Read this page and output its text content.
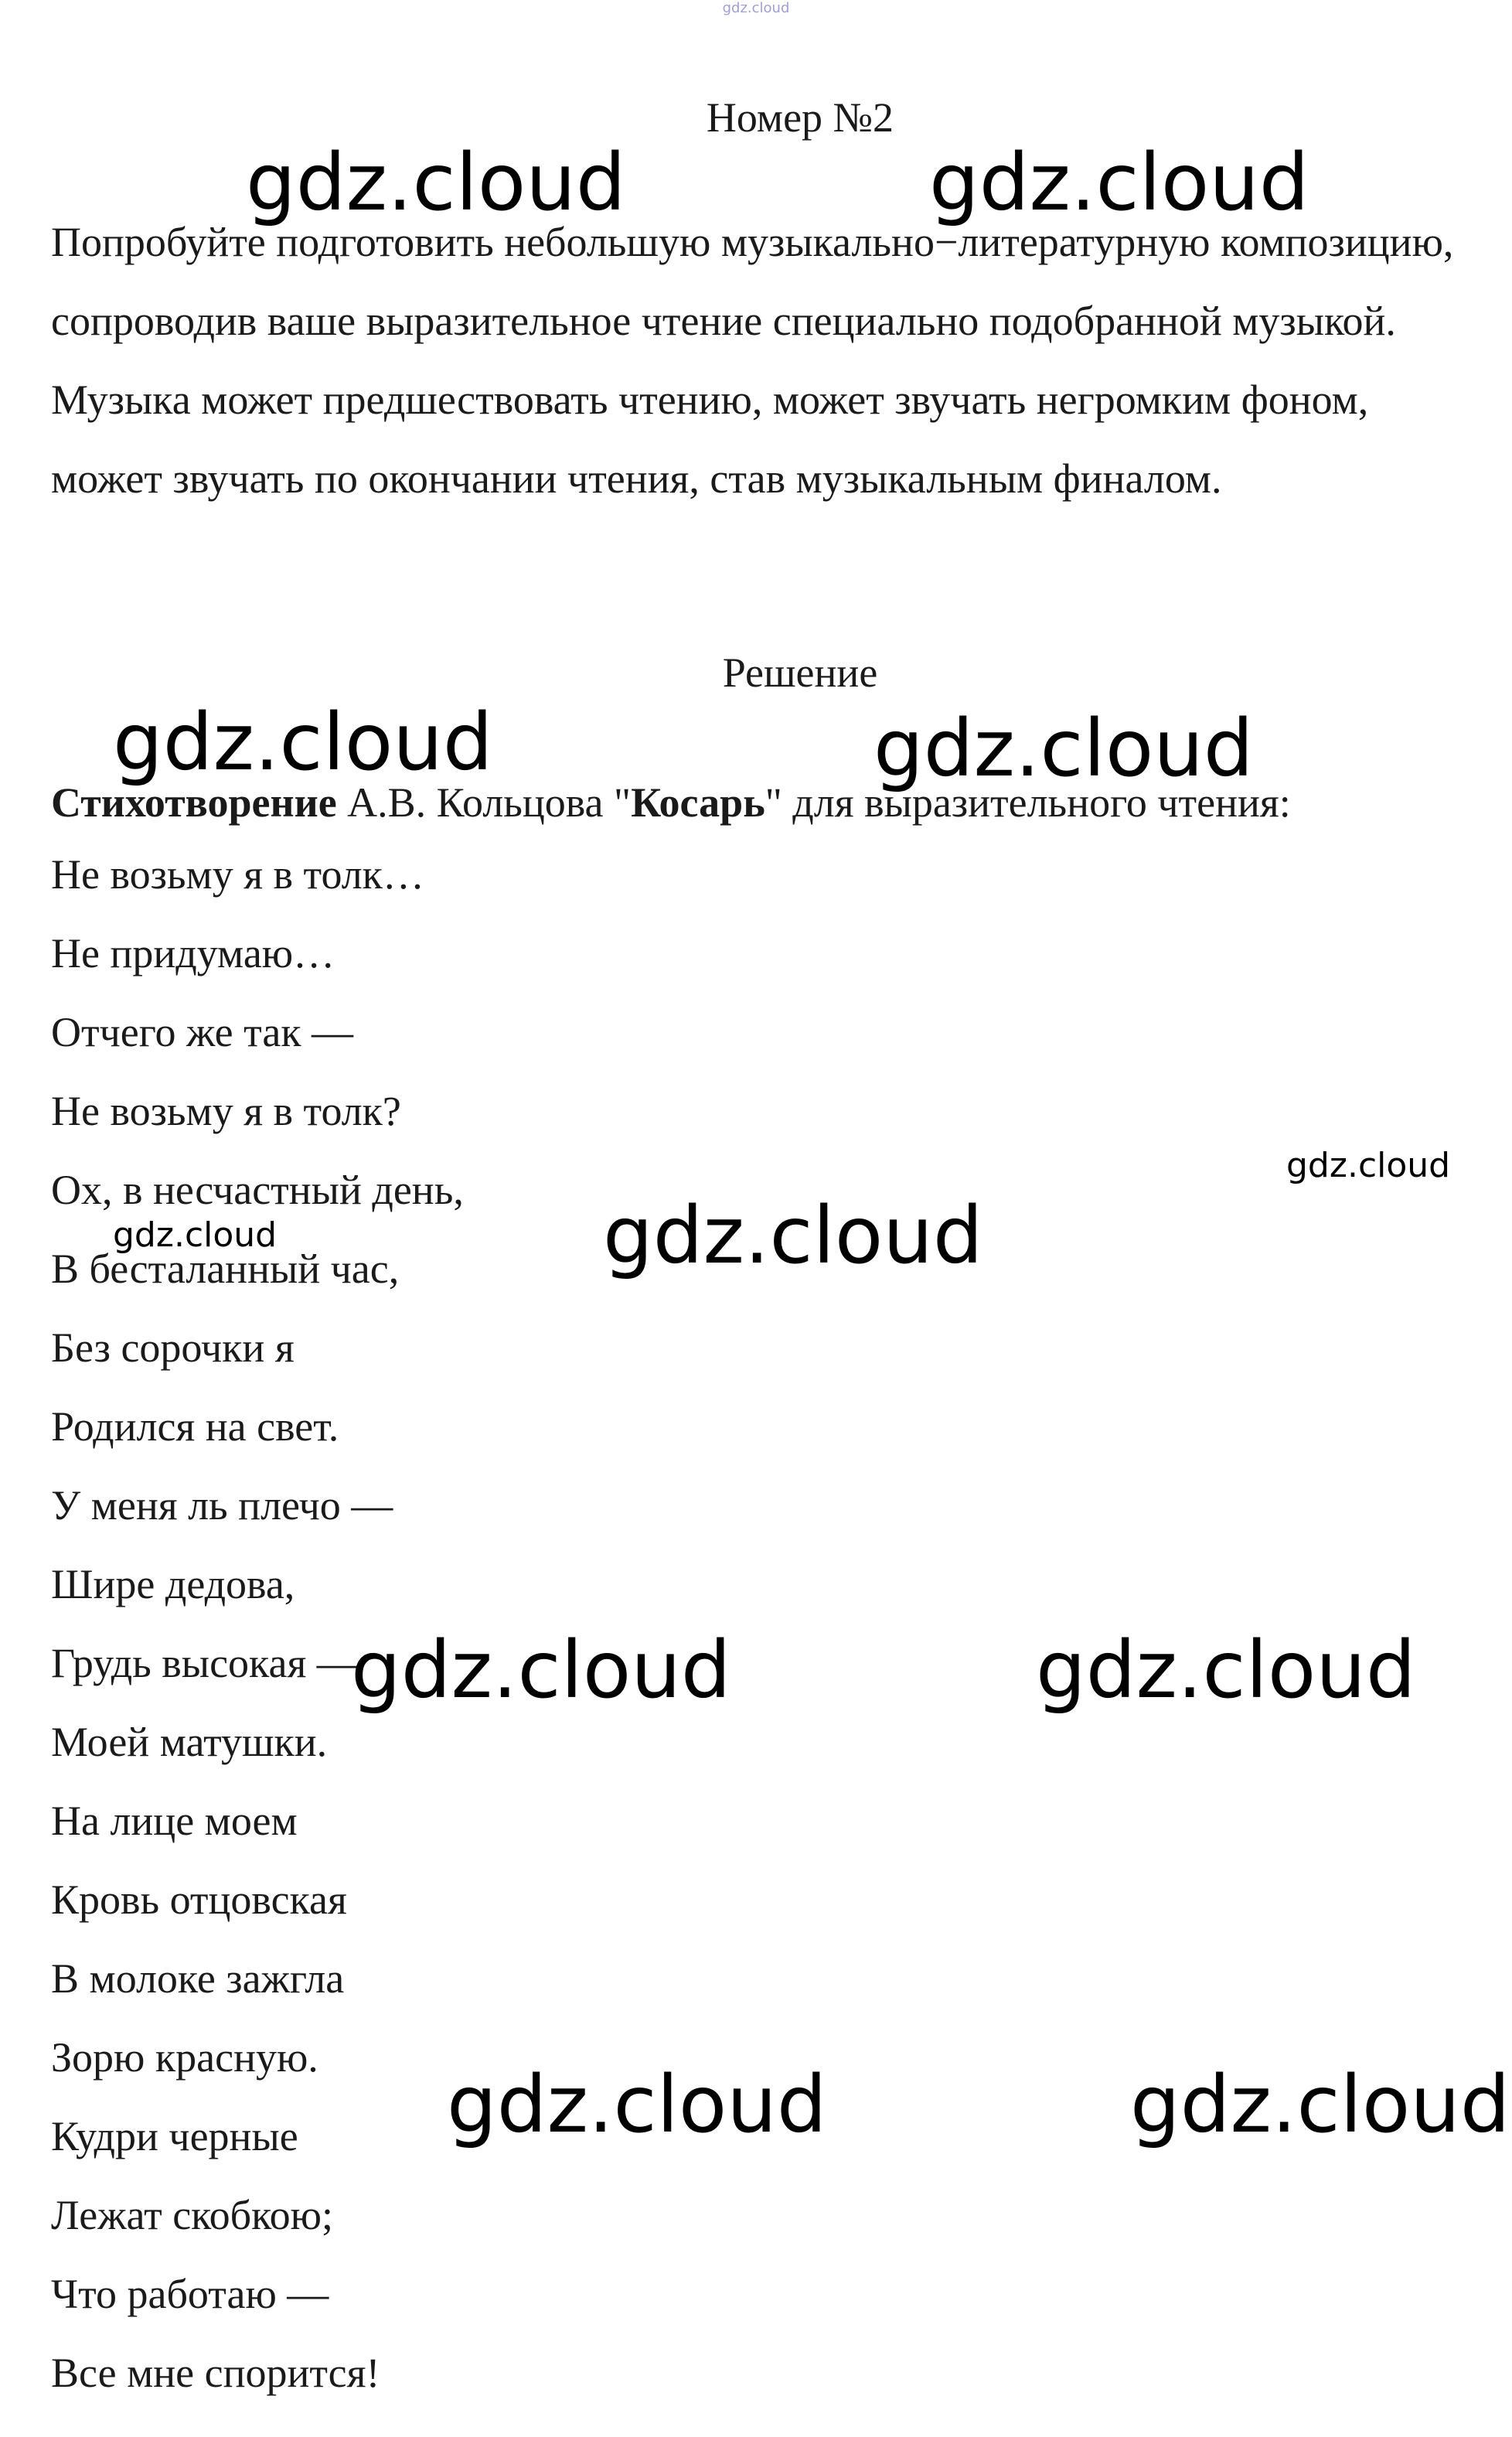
gdz.cloud
Номер №2

Попробуйте подготовить небольшую музыкально−литературную композицию, сопроводив ваше выразительное чтение специально подобранной музыкой. Музыка может предшествовать чтению, может звучать негромким фоном, может звучать по окончании чтения, став музыкальным финалом.

Решение
Стихотворение А.В. Кольцова "Косарь" для выразительного чтения:
Не возьму я в толк…
Не придумаю…
Отчего же так —
Не возьму я в толк?
Ох, в несчастный день,
В бесталанный час,
Без сорочки я
Родился на свет.
У меня ль плечо —
Шире дедова,
Грудь высокая —
Моей матушки.
На лице моем
Кровь отцовская
В молоке зажгла
Зорю красную.
Кудри черные
Лежат скобкою;
Что работаю —
Все мне спорится!
gdz.cloud	gdz.cloud
gdz.cloud	gdz.cloud
gdz.cloud
gdz.cloud	gdz.cloud
gdz.cloud	gdz.cloud
gdz.cloud	gdz.cloud
